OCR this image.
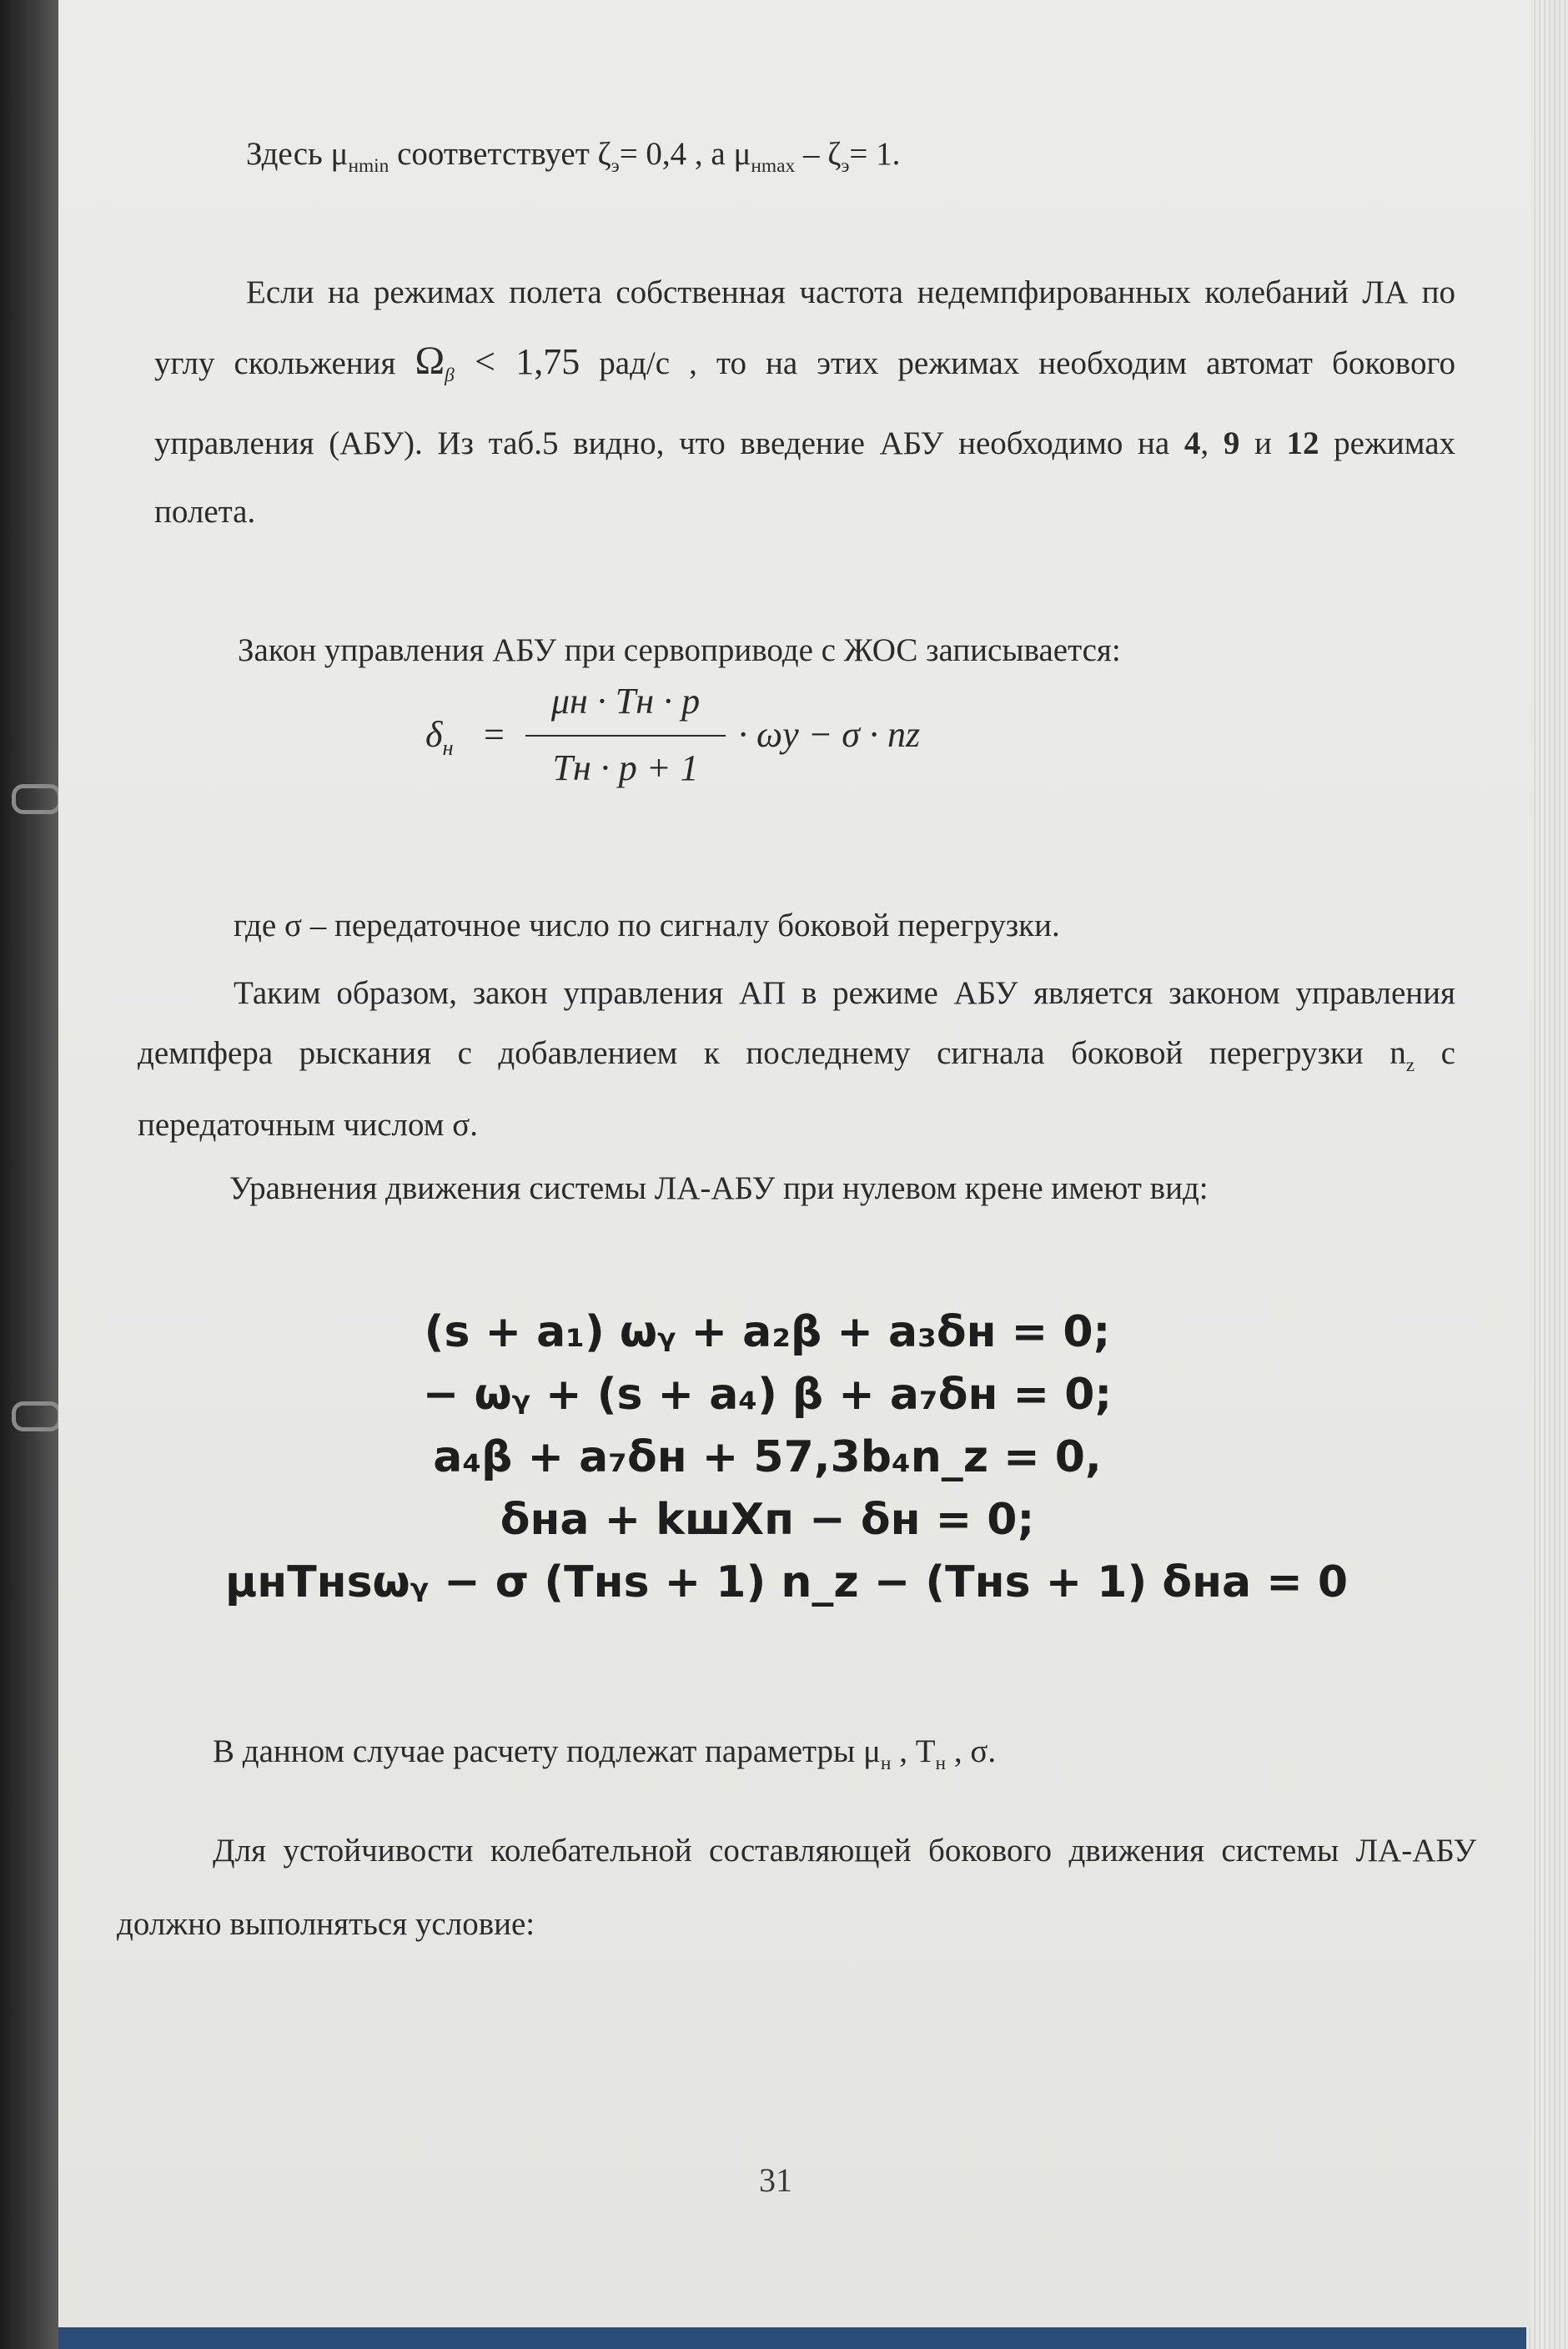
Здесь $\mu_{нmin}$ соответствует $\zeta_э= 0,4$ , а $\mu_{нmax} - \zeta_э= 1$.
Если на режимах полета собственная частота недемпфированных колебаний ЛА по углу скольжения $\Omega_\beta < 1,75$ рад/с , то на этих режимах необходим автомат бокового управления (АБУ). Из таб.5 видно, что введение АБУ необходимо на 4, 9 и 12 режимах полета.
Закон управления АБУ при сервоприводе с ЖОС записывается:
$\delta_н$ =
μн · Tн · p
Tн · p + 1
· ωу − σ · nz
где σ – передаточное число по сигналу боковой перегрузки.
Таким образом, закон управления АП в режиме АБУ является законом управления демпфера рыскания с добавлением к последнему сигнала боковой перегрузки $n_z$ с передаточным числом σ.
Уравнения движения системы ЛА-АБУ при нулевом крене имеют вид:
(s + a₁) ωᵧ + a₂β + a₃δн = 0;
− ωᵧ + (s + a₄) β + a₇δн = 0;
a₄β + a₇δн + 57,3b₄n_z = 0,
δна + kшXп − δн = 0;
μнTнsωᵧ − σ (Tнs + 1) n_z − (Tнs + 1) δна = 0
В данном случае расчету подлежат параметры $\mu_н$ , $T_н$ , σ.
Для устойчивости колебательной составляющей бокового движения системы ЛА-АБУ должно выполняться условие:
31
